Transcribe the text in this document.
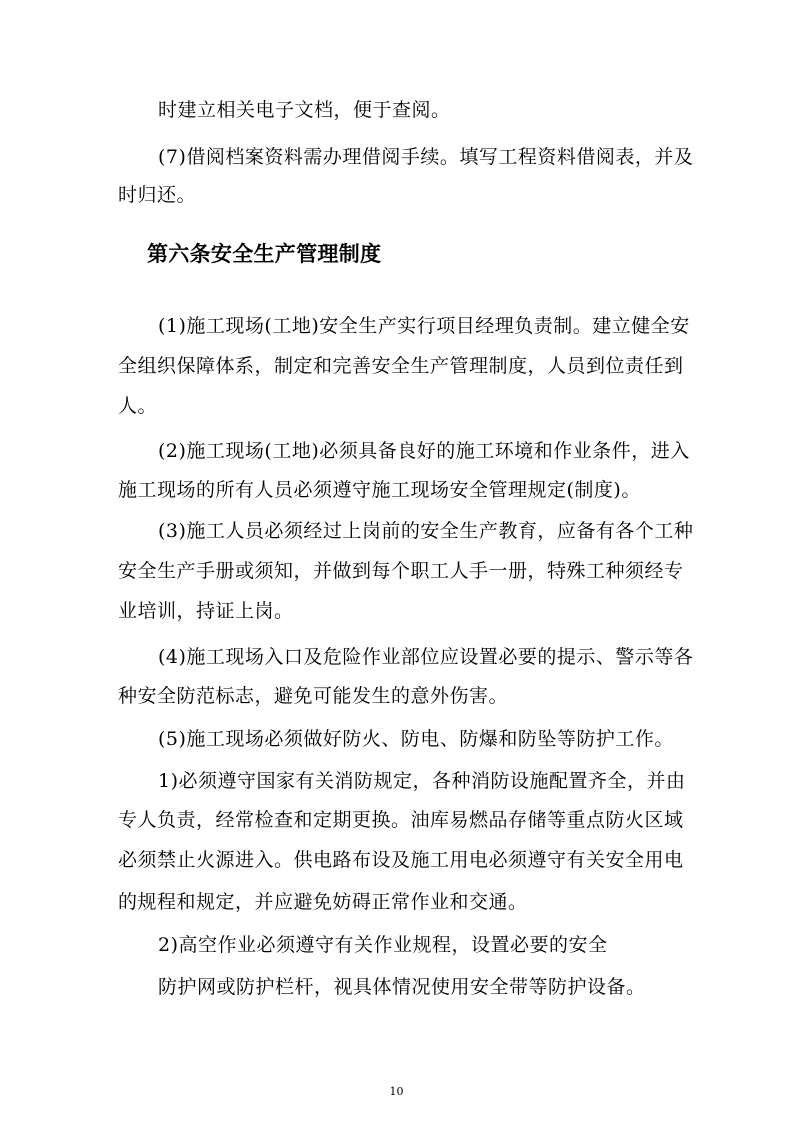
时建立相关电子文档，便于查阅。
(7)借阅档案资料需办理借阅手续。填写工程资料借阅表，并及
时归还。
第六条安全生产管理制度
(1)施工现场(工地)安全生产实行项目经理负责制。建立健全安
全组织保障体系，制定和完善安全生产管理制度，人员到位责任到
人。
(2)施工现场(工地)必须具备良好的施工环境和作业条件，进入
施工现场的所有人员必须遵守施工现场安全管理规定(制度)。
(3)施工人员必须经过上岗前的安全生产教育，应备有各个工种
安全生产手册或须知，并做到每个职工人手一册，特殊工种须经专
业培训，持证上岗。
(4)施工现场入口及危险作业部位应设置必要的提示、警示等各
种安全防范标志，避免可能发生的意外伤害。
(5)施工现场必须做好防火、防电、防爆和防坠等防护工作。
1)必须遵守国家有关消防规定，各种消防设施配置齐全，并由
专人负责，经常检查和定期更换。油库易燃品存储等重点防火区域
必须禁止火源进入。供电路布设及施工用电必须遵守有关安全用电
的规程和规定，并应避免妨碍正常作业和交通。
2)高空作业必须遵守有关作业规程，设置必要的安全
防护网或防护栏杆，视具体情况使用安全带等防护设备。
10
